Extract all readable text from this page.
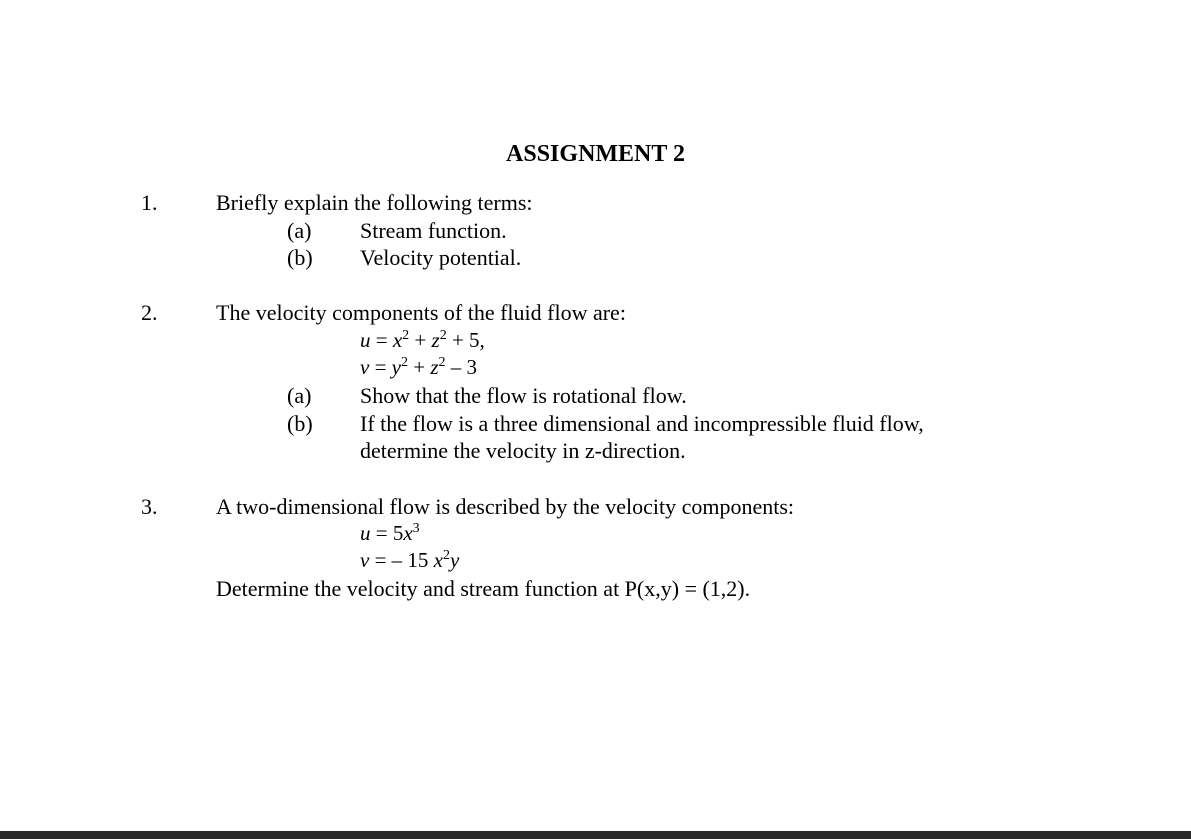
ASSIGNMENT 2
1.	Briefly explain the following terms:
(a) Stream function.
(b) Velocity potential.
2.	The velocity components of the fluid flow are:
$u = x^2 + z^2 + 5$,
$v = y^2 + z^2 - 3$
(a) Show that the flow is rotational flow.
(b) If the flow is a three dimensional and incompressible fluid flow,
determine the velocity in z-direction.
3.	A two-dimensional flow is described by the velocity components:
$u = 5x^3$
v = – 15 $x^2y$
Determine the velocity and stream function at P(x,y) = (1,2).
